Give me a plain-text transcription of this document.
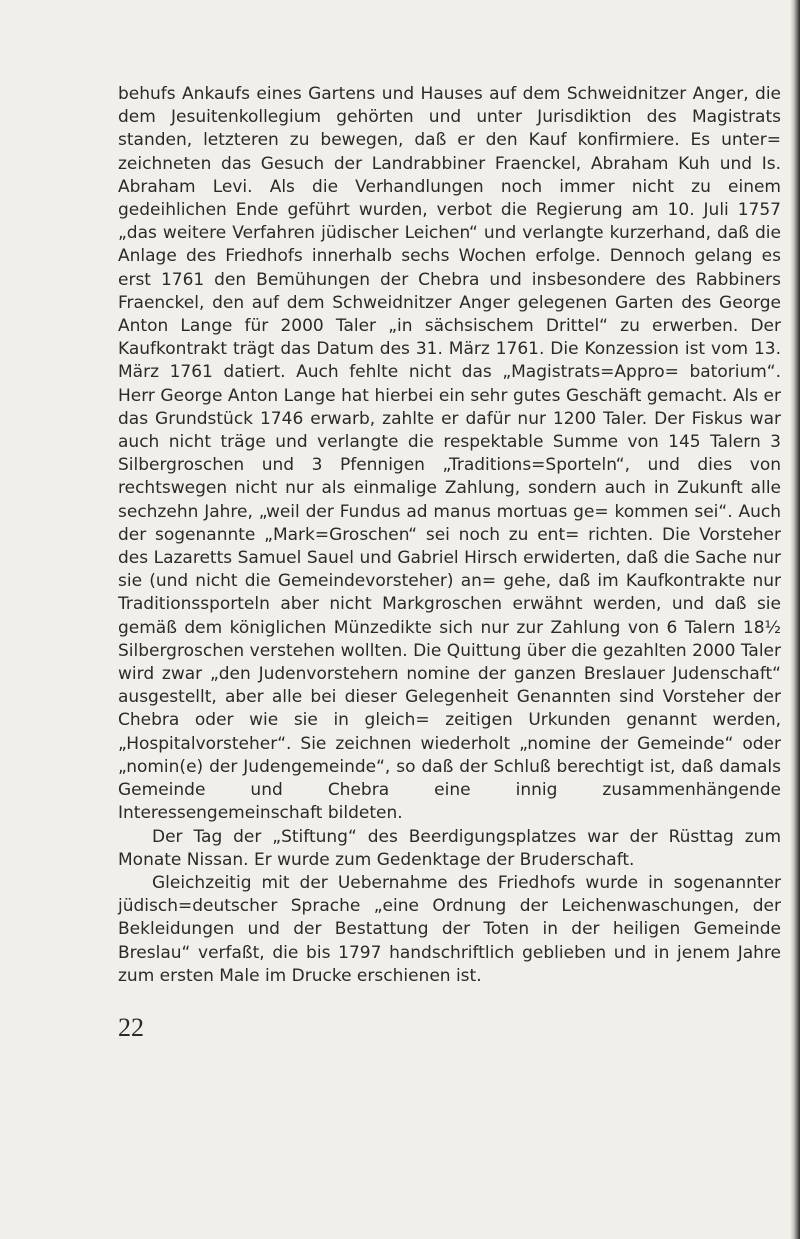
behufs Ankaufs eines Gartens und Hauses auf dem Schweidnitzer Anger, die dem Jesuitenkollegium gehörten und unter Jurisdiktion des Magistrats standen, letzteren zu bewegen, daß er den Kauf konfirmiere. Es unter= zeichneten das Gesuch der Landrabbiner Fraenckel, Abraham Kuh und Is. Abraham Levi. Als die Verhandlungen noch immer nicht zu einem gedeihlichen Ende geführt wurden, verbot die Regierung am 10. Juli 1757 „das weitere Verfahren jüdischer Leichen“ und verlangte kurzerhand, daß die Anlage des Friedhofs innerhalb sechs Wochen erfolge. Dennoch gelang es erst 1761 den Bemühungen der Chebra und insbesondere des Rabbiners Fraenckel, den auf dem Schweidnitzer Anger gelegenen Garten des George Anton Lange für 2000 Taler „in sächsischem Drittel“ zu erwerben. Der Kaufkontrakt trägt das Datum des 31. März 1761. Die Konzession ist vom 13. März 1761 datiert. Auch fehlte nicht das „Magistrats=Appro= batorium“. Herr George Anton Lange hat hierbei ein sehr gutes Geschäft gemacht. Als er das Grundstück 1746 erwarb, zahlte er dafür nur 1200 Taler. Der Fiskus war auch nicht träge und verlangte die respektable Summe von 145 Talern 3 Silbergroschen und 3 Pfennigen „Traditions=Sporteln“, und dies von rechtswegen nicht nur als einmalige Zahlung, sondern auch in Zukunft alle sechzehn Jahre, „weil der Fundus ad manus mortuas ge= kommen sei“. Auch der sogenannte „Mark=Groschen“ sei noch zu ent= richten. Die Vorsteher des Lazaretts Samuel Sauel und Gabriel Hirsch erwiderten, daß die Sache nur sie (und nicht die Gemeindevorsteher) an= gehe, daß im Kaufkontrakte nur Traditionssporteln aber nicht Markgroschen erwähnt werden, und daß sie gemäß dem königlichen Münzedikte sich nur zur Zahlung von 6 Talern 18½ Silbergroschen verstehen wollten. Die Quittung über die gezahlten 2000 Taler wird zwar „den Judenvorstehern nomine der ganzen Breslauer Judenschaft“ ausgestellt, aber alle bei dieser Gelegenheit Genannten sind Vorsteher der Chebra oder wie sie in gleich= zeitigen Urkunden genannt werden, „Hospitalvorsteher“. Sie zeichnen wiederholt „nomine der Gemeinde“ oder „nomin(e) der Judengemeinde“, so daß der Schluß berechtigt ist, daß damals Gemeinde und Chebra eine innig zusammenhängende Interessengemeinschaft bildeten.

Der Tag der „Stiftung“ des Beerdigungsplatzes war der Rüsttag zum Monate Nissan. Er wurde zum Gedenktage der Bruderschaft.

Gleichzeitig mit der Uebernahme des Friedhofs wurde in sogenannter jüdisch=deutscher Sprache „eine Ordnung der Leichenwaschungen, der Bekleidungen und der Bestattung der Toten in der heiligen Gemeinde Breslau“ verfaßt, die bis 1797 handschriftlich geblieben und in jenem Jahre zum ersten Male im Drucke erschienen ist.

22
